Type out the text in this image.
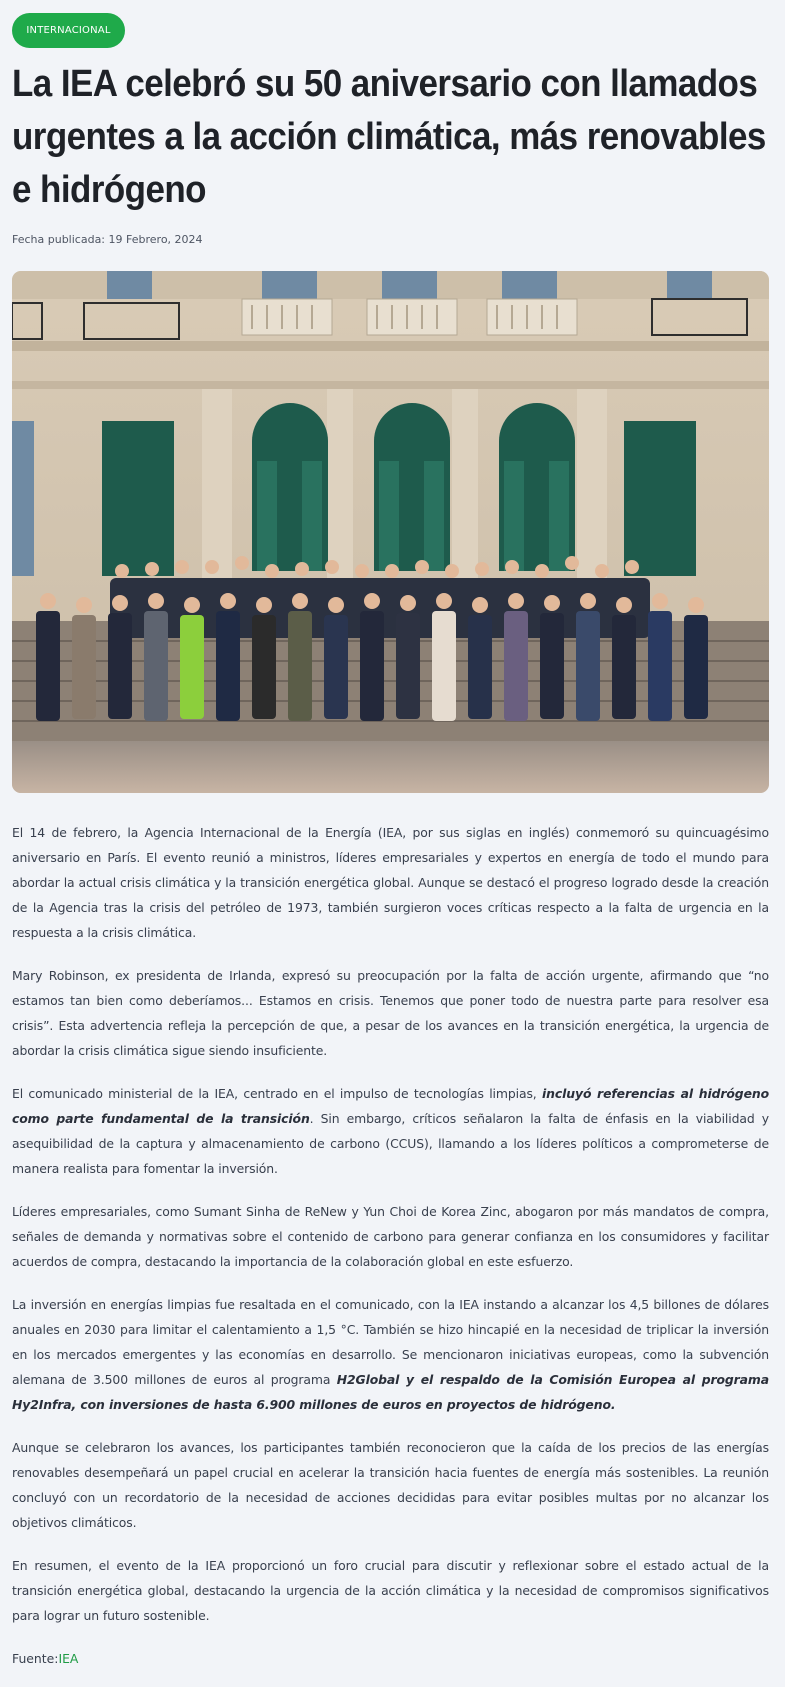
INTERNACIONAL
La IEA celebró su 50 aniversario con llamados urgentes a la acción climática, más renovables e hidrógeno
Fecha publicada: 19 Febrero, 2024

El 14 de febrero, la Agencia Internacional de la Energía (IEA, por sus siglas en inglés) conmemoró su quincuagésimo aniversario en París. El evento reunió a ministros, líderes empresariales y expertos en energía de todo el mundo para abordar la actual crisis climática y la transición energética global. Aunque se destacó el progreso logrado desde la creación de la Agencia tras la crisis del petróleo de 1973, también surgieron voces críticas respecto a la falta de urgencia en la respuesta a la crisis climática.

Mary Robinson, ex presidenta de Irlanda, expresó su preocupación por la falta de acción urgente, afirmando que “no estamos tan bien como deberíamos... Estamos en crisis. Tenemos que poner todo de nuestra parte para resolver esa crisis”. Esta advertencia refleja la percepción de que, a pesar de los avances en la transición energética, la urgencia de abordar la crisis climática sigue siendo insuficiente.

El comunicado ministerial de la IEA, centrado en el impulso de tecnologías limpias, incluyó referencias al hidrógeno como parte fundamental de la transición. Sin embargo, críticos señalaron la falta de énfasis en la viabilidad y asequibilidad de la captura y almacenamiento de carbono (CCUS), llamando a los líderes políticos a comprometerse de manera realista para fomentar la inversión.

Líderes empresariales, como Sumant Sinha de ReNew y Yun Choi de Korea Zinc, abogaron por más mandatos de compra, señales de demanda y normativas sobre el contenido de carbono para generar confianza en los consumidores y facilitar acuerdos de compra, destacando la importancia de la colaboración global en este esfuerzo.

La inversión en energías limpias fue resaltada en el comunicado, con la IEA instando a alcanzar los 4,5 billones de dólares anuales en 2030 para limitar el calentamiento a 1,5 °C. También se hizo hincapié en la necesidad de triplicar la inversión en los mercados emergentes y las economías en desarrollo. Se mencionaron iniciativas europeas, como la subvención alemana de 3.500 millones de euros al programa H2Global y el respaldo de la Comisión Europea al programa Hy2Infra, con inversiones de hasta 6.900 millones de euros en proyectos de hidrógeno.

Aunque se celebraron los avances, los participantes también reconocieron que la caída de los precios de las energías renovables desempeñará un papel crucial en acelerar la transición hacia fuentes de energía más sostenibles. La reunión concluyó con un recordatorio de la necesidad de acciones decididas para evitar posibles multas por no alcanzar los objetivos climáticos.

En resumen, el evento de la IEA proporcionó un foro crucial para discutir y reflexionar sobre el estado actual de la transición energética global, destacando la urgencia de la acción climática y la necesidad de compromisos significativos para lograr un futuro sostenible.

Fuente:IEA
